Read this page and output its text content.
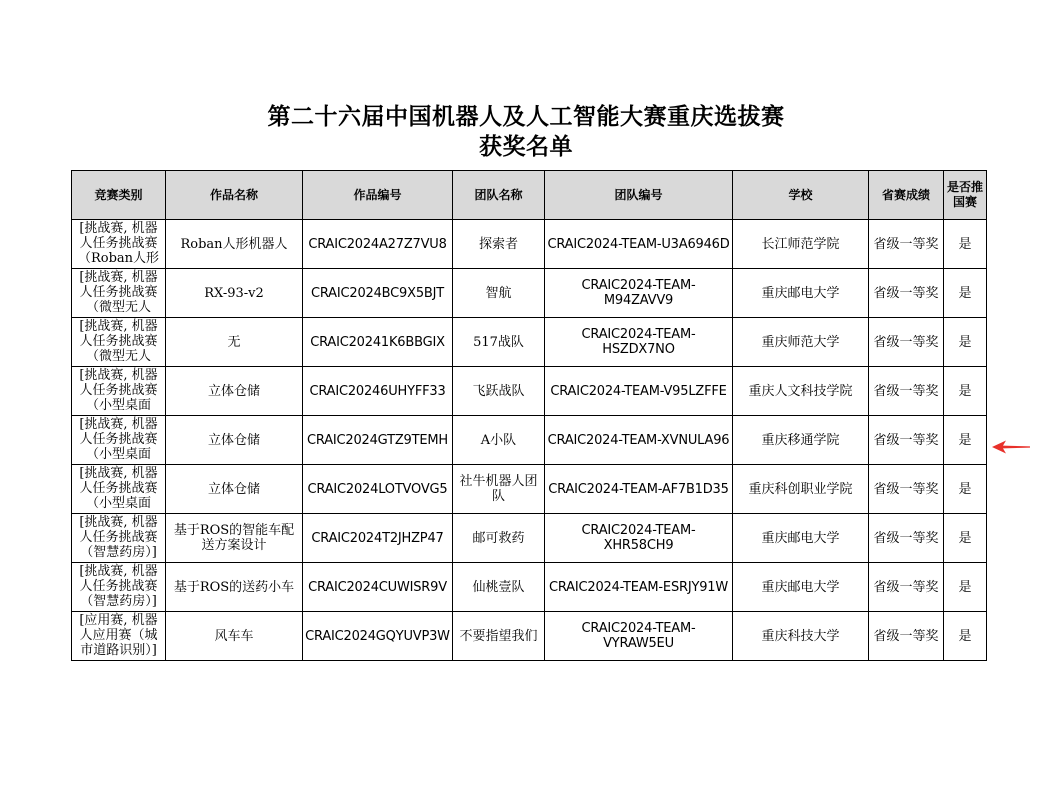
第二十六届中国机器人及人工智能大赛重庆选拔赛
获奖名单
竞赛类别	作品名称	作品编号	团队名称	团队编号	学校	省赛成绩	是否推国赛

[挑战赛, 机器人任务挑战赛（Roban人形	Roban人形机器人	CRAIC2024A27Z7VU8	探索者	CRAIC2024-TEAM-U3A6946D	长江师范学院	省级一等奖	是

[挑战赛, 机器人任务挑战赛（微型无人	RX-93-v2	CRAIC2024BC9X5BJT	智航	CRAIC2024-TEAM-M94ZAVV9	重庆邮电大学	省级一等奖	是

[挑战赛, 机器人任务挑战赛（微型无人	无	CRAIC20241K6BBGIX	517战队	CRAIC2024-TEAM-HSZDX7NO	重庆师范大学	省级一等奖	是

[挑战赛, 机器人任务挑战赛（小型桌面	立体仓储	CRAIC20246UHYFF33	飞跃战队	CRAIC2024-TEAM-V95LZFFE	重庆人文科技学院	省级一等奖	是

[挑战赛, 机器人任务挑战赛（小型桌面	立体仓储	CRAIC2024GTZ9TEMH	A小队	CRAIC2024-TEAM-XVNULA96	重庆移通学院	省级一等奖	是

[挑战赛, 机器人任务挑战赛（小型桌面	立体仓储	CRAIC2024LOTVOVG5	社牛机器人团队	CRAIC2024-TEAM-AF7B1D35	重庆科创职业学院	省级一等奖	是

[挑战赛, 机器人任务挑战赛（智慧药房）]	基于ROS的智能车配送方案设计	CRAIC2024T2JHZP47	邮可救药	CRAIC2024-TEAM-XHR58CH9	重庆邮电大学	省级一等奖	是

[挑战赛, 机器人任务挑战赛（智慧药房）]	基于ROS的送药小车	CRAIC2024CUWISR9V	仙桃壹队	CRAIC2024-TEAM-ESRJY91W	重庆邮电大学	省级一等奖	是

[应用赛, 机器人应用赛（城市道路识别）]	风车车	CRAIC2024GQYUVP3W	不要指望我们	CRAIC2024-TEAM-VYRAW5EU	重庆科技大学	省级一等奖	是
